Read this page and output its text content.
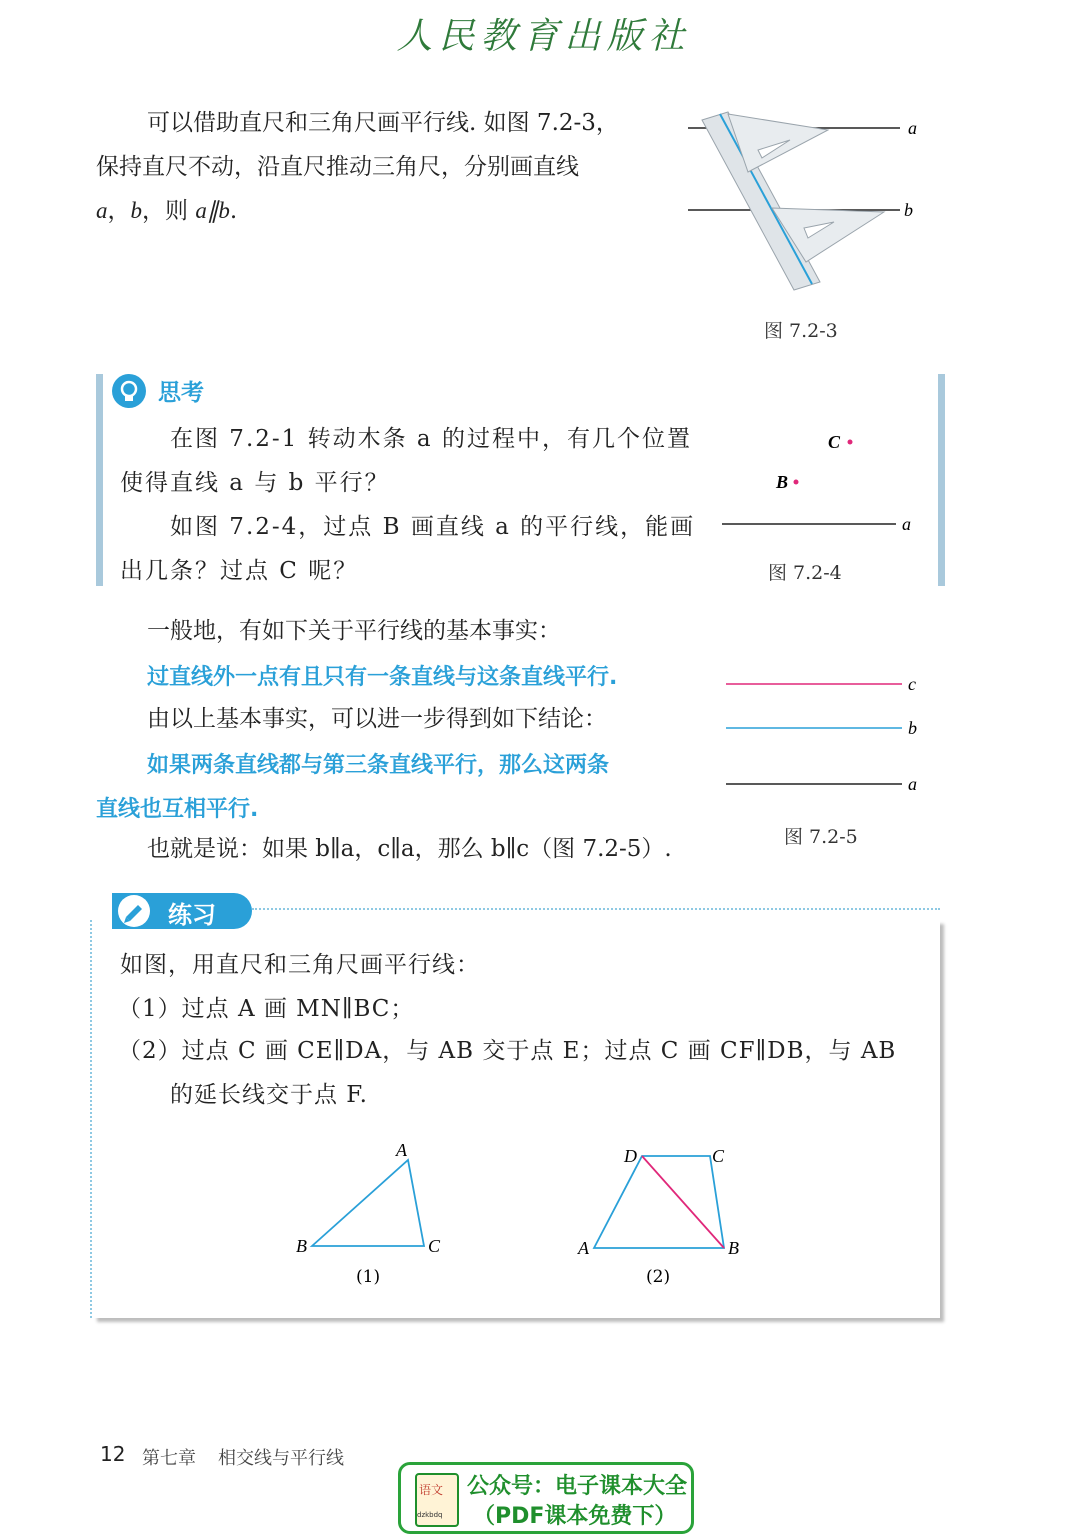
人民教育出版社
可以借助直尺和三角尺画平行线. 如图 7.2-3，
保持直尺不动，沿直尺推动三角尺，分别画直线
a，b，则 a∥b.
a
b
图 7.2-3
思考
在图 7.2-1 转动木条 a 的过程中，有几个位置
使得直线 a 与 b 平行？
如图 7.2-4，过点 B 画直线 a 的平行线，能画
出几条？过点 C 呢？
C
B
a
图 7.2-4
一般地，有如下关于平行线的基本事实：
过直线外一点有且只有一条直线与这条直线平行.
由以上基本事实，可以进一步得到如下结论：
如果两条直线都与第三条直线平行，那么这两条
直线也互相平行.
也就是说：如果 b∥a，c∥a，那么 b∥c（图 7.2-5）.
c
b
a
图 7.2-5
练习
如图，用直尺和三角尺画平行线：
（1）过点 A 画 MN∥BC；
（2）过点 C 画 CE∥DA，与 AB 交于点 E；过点 C 画 CF∥DB，与 AB
的延长线交于点 F.
A
B	C
(1)
D	C
A	B
(2)
12 第七章 相交线与平行线
语文
dzkbdq
公众号：电子课本大全
（PDF课本免费下）
